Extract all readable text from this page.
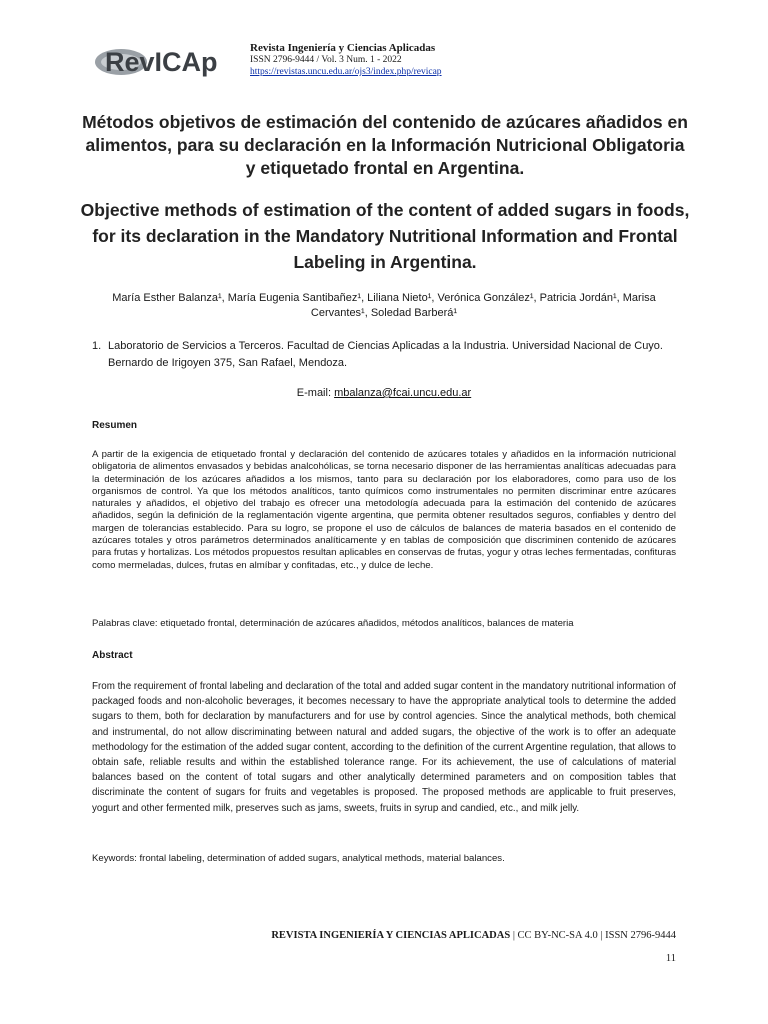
RevICAp	Revista Ingeniería y Ciencias Aplicadas
ISSN 2796-9444 / Vol. 3 Num. 1 - 2022
https://revistas.uncu.edu.ar/ojs3/index.php/revicap
Métodos objetivos de estimación del contenido de azúcares añadidos en alimentos, para su declaración en la Información Nutricional Obligatoria y etiquetado frontal en Argentina.
Objective methods of estimation of the content of added sugars in foods, for its declaration in the Mandatory Nutritional Information and Frontal Labeling in Argentina.
María Esther Balanza¹, María Eugenia Santibañez¹, Liliana Nieto¹, Verónica González¹, Patricia Jordán¹, Marisa Cervantes¹, Soledad Barberá¹
1. Laboratorio de Servicios a Terceros. Facultad de Ciencias Aplicadas a la Industria. Universidad Nacional de Cuyo. Bernardo de Irigoyen 375, San Rafael, Mendoza.
E-mail: mbalanza@fcai.uncu.edu.ar
Resumen
A partir de la exigencia de etiquetado frontal y declaración del contenido de azúcares totales y añadidos en la información nutricional obligatoria de alimentos envasados y bebidas analcohólicas, se torna necesario disponer de las herramientas analíticas adecuadas para la determinación de los azúcares añadidos a los mismos, tanto para su declaración por los elaboradores, como para uso de los organismos de control. Ya que los métodos analíticos, tanto químicos como instrumentales no permiten discriminar entre azúcares naturales y añadidos, el objetivo del trabajo es ofrecer una metodología adecuada para la estimación del contenido de azúcares añadidos, según la definición de la reglamentación vigente argentina, que permita obtener resultados seguros, confiables y dentro del margen de tolerancias establecido. Para su logro, se propone el uso de cálculos de balances de materia basados en el contenido de azúcares totales y otros parámetros determinados analíticamente y en tablas de composición que discriminen contenido de azúcares para frutas y hortalizas. Los métodos propuestos resultan aplicables en conservas de frutas, yogur y otras leches fermentadas, confituras como mermeladas, dulces, frutas en almíbar y confitadas, etc., y dulce de leche.
Palabras clave: etiquetado frontal, determinación de azúcares añadidos, métodos analíticos, balances de materia
Abstract
From the requirement of frontal labeling and declaration of the total and added sugar content in the mandatory nutritional information of packaged foods and non-alcoholic beverages, it becomes necessary to have the appropriate analytical tools to determine the added sugars to them, both for declaration by manufacturers and for use by control agencies. Since the analytical methods, both chemical and instrumental, do not allow discriminating between natural and added sugars, the objective of the work is to offer an adequate methodology for the estimation of the added sugar content, according to the definition of the current Argentine regulation, that allows to obtain safe, reliable results and within the established tolerance range. For its achievement, the use of calculations of material balances based on the content of total sugars and other analytically determined parameters and on composition tables that discriminate the content of sugars for fruits and vegetables is proposed. The proposed methods are applicable to fruit preserves, yogurt and other fermented milk, preserves such as jams, sweets, fruits in syrup and candied, etc., and milk jelly.
Keywords: frontal labeling, determination of added sugars, analytical methods, material balances.
REVISTA INGENIERÍA Y CIENCIAS APLICADAS | CC BY-NC-SA 4.0 | ISSN 2796-9444
11
